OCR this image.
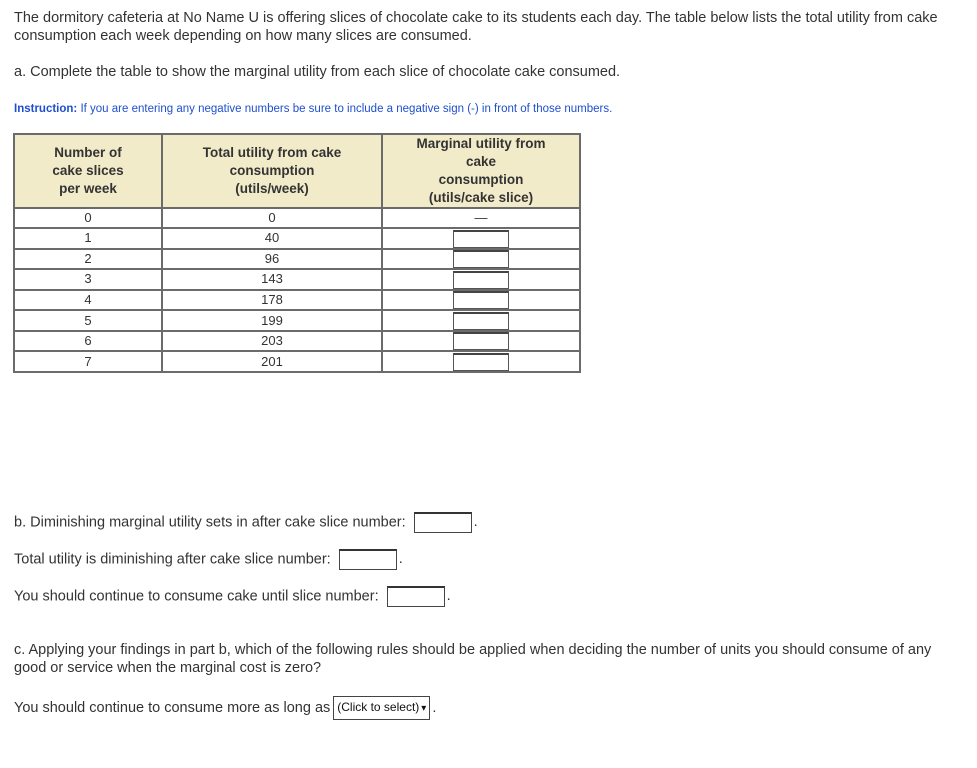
The dormitory cafeteria at No Name U is offering slices of chocolate cake to its students each day. The table below lists the total utility from cake consumption each week depending on how many slices are consumed.
a. Complete the table to show the marginal utility from each slice of chocolate cake consumed.
Instruction: If you are entering any negative numbers be sure to include a negative sign (-) in front of those numbers.
Number of
cake slices
per week	Total utility from cake
consumption
(utils/week)	Marginal utility from
cake
consumption
(utils/cake slice)
0	0	—
1	40	
2	96	
3	143	
4	178	
5	199	
6	203	
7	201	
b. Diminishing marginal utility sets in after cake slice number:	.
Total utility is diminishing after cake slice number:	.
You should continue to consume cake until slice number:	.
c. Applying your findings in part b, which of the following rules should be applied when deciding the number of units you should consume of any good or service when the marginal cost is zero?
You should continue to consume more as long as (Click to select) ▾ .
